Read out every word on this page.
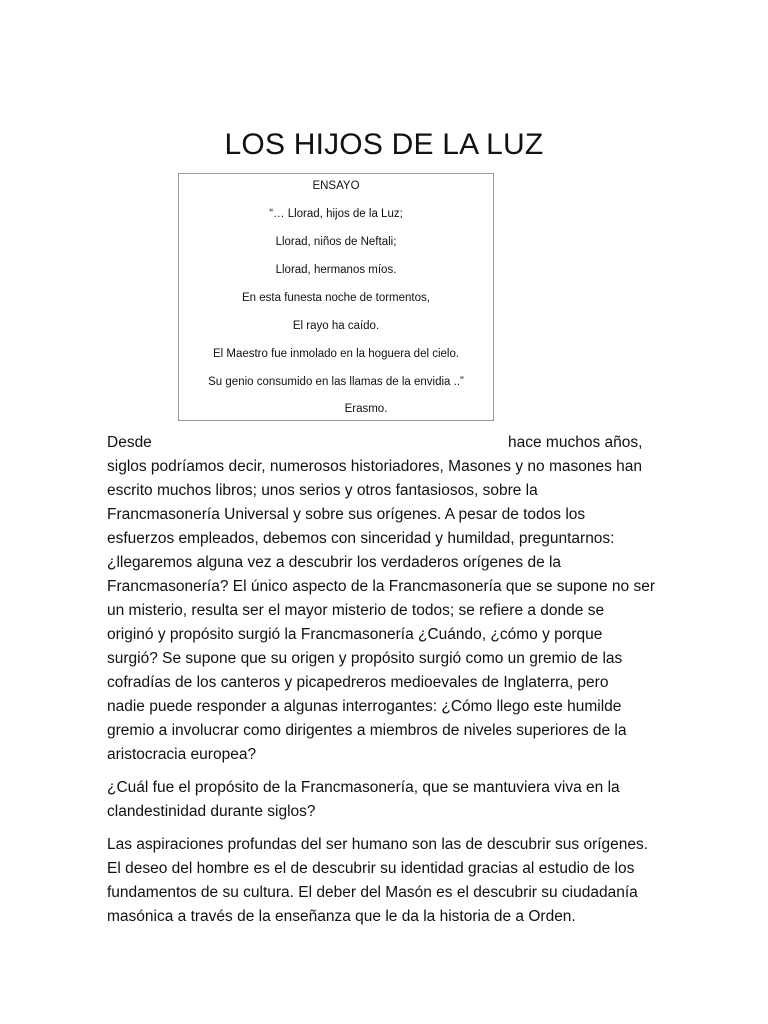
LOS HIJOS DE LA LUZ
ENSAYO
“… Llorad, hijos de la Luz;
Llorad, niños de Neftali;
Llorad, hermanos míos.
En esta funesta noche de tormentos,
El rayo ha caído.
El Maestro fue inmolado en la hoguera del cielo.
Su genio consumido en las llamas de la envidia ..”
Erasmo.
Desde	hace muchos años,
siglos podríamos decir, numerosos historiadores, Masones y no masones han
escrito muchos libros; unos serios y otros fantasiosos, sobre la
Francmasonería Universal y sobre sus orígenes. A pesar de todos los
esfuerzos empleados, debemos con sinceridad y humildad, preguntarnos:
¿llegaremos alguna vez a descubrir los verdaderos orígenes de la
Francmasonería? El único aspecto de la Francmasonería que se supone no ser
un misterio, resulta ser el mayor misterio de todos; se refiere a donde se
originó y propósito surgió la Francmasonería ¿Cuándo, ¿cómo y porque
surgió? Se supone que su origen y propósito surgió como un gremio de las
cofradías de los canteros y picapedreros medioevales de Inglaterra, pero
nadie puede responder a algunas interrogantes: ¿Cómo llego este humilde
gremio a involucrar como dirigentes a miembros de niveles superiores de la
aristocracia europea?
¿Cuál fue el propósito de la Francmasonería, que se mantuviera viva en la
clandestinidad durante siglos?
Las aspiraciones profundas del ser humano son las de descubrir sus orígenes.
El deseo del hombre es el de descubrir su identidad gracias al estudio de los
fundamentos de su cultura. El deber del Masón es el descubrir su ciudadanía
masónica a través de la enseñanza que le da la historia de a Orden.
